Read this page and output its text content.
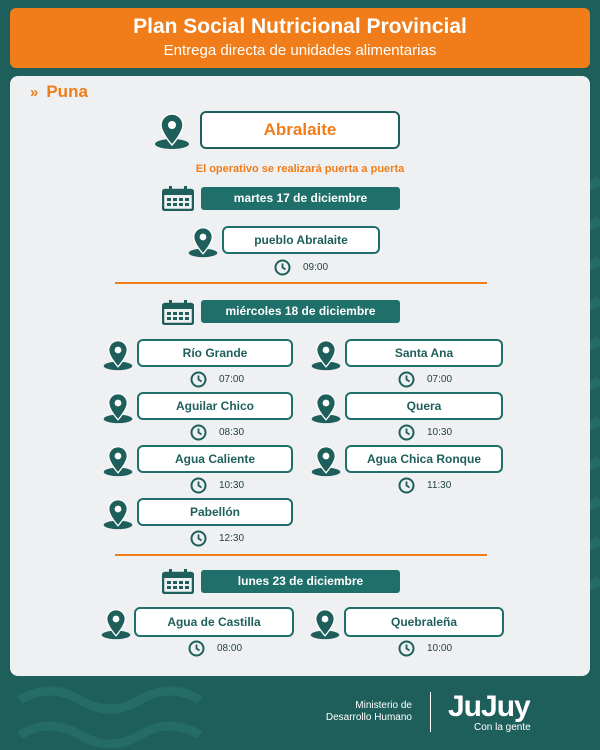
Plan Social Nutricional Provincial
Entrega directa de unidades alimentarias
» Puna
Abralaite
El operativo se realizará puerta a puerta
martes 17 de diciembre
pueblo Abralaite
09:00
miércoles 18 de diciembre
Río Grande
07:00
Santa Ana
07:00
Aguilar Chico
08:30
Quera
10:30
Agua Caliente
10:30
Agua Chica Ronque
11:30
Pabellón
12:30
lunes 23 de diciembre
Agua de Castilla
08:00
Quebraleña
10:00
Ministerio de
Desarrollo Humano JuJuy
Con la gente
